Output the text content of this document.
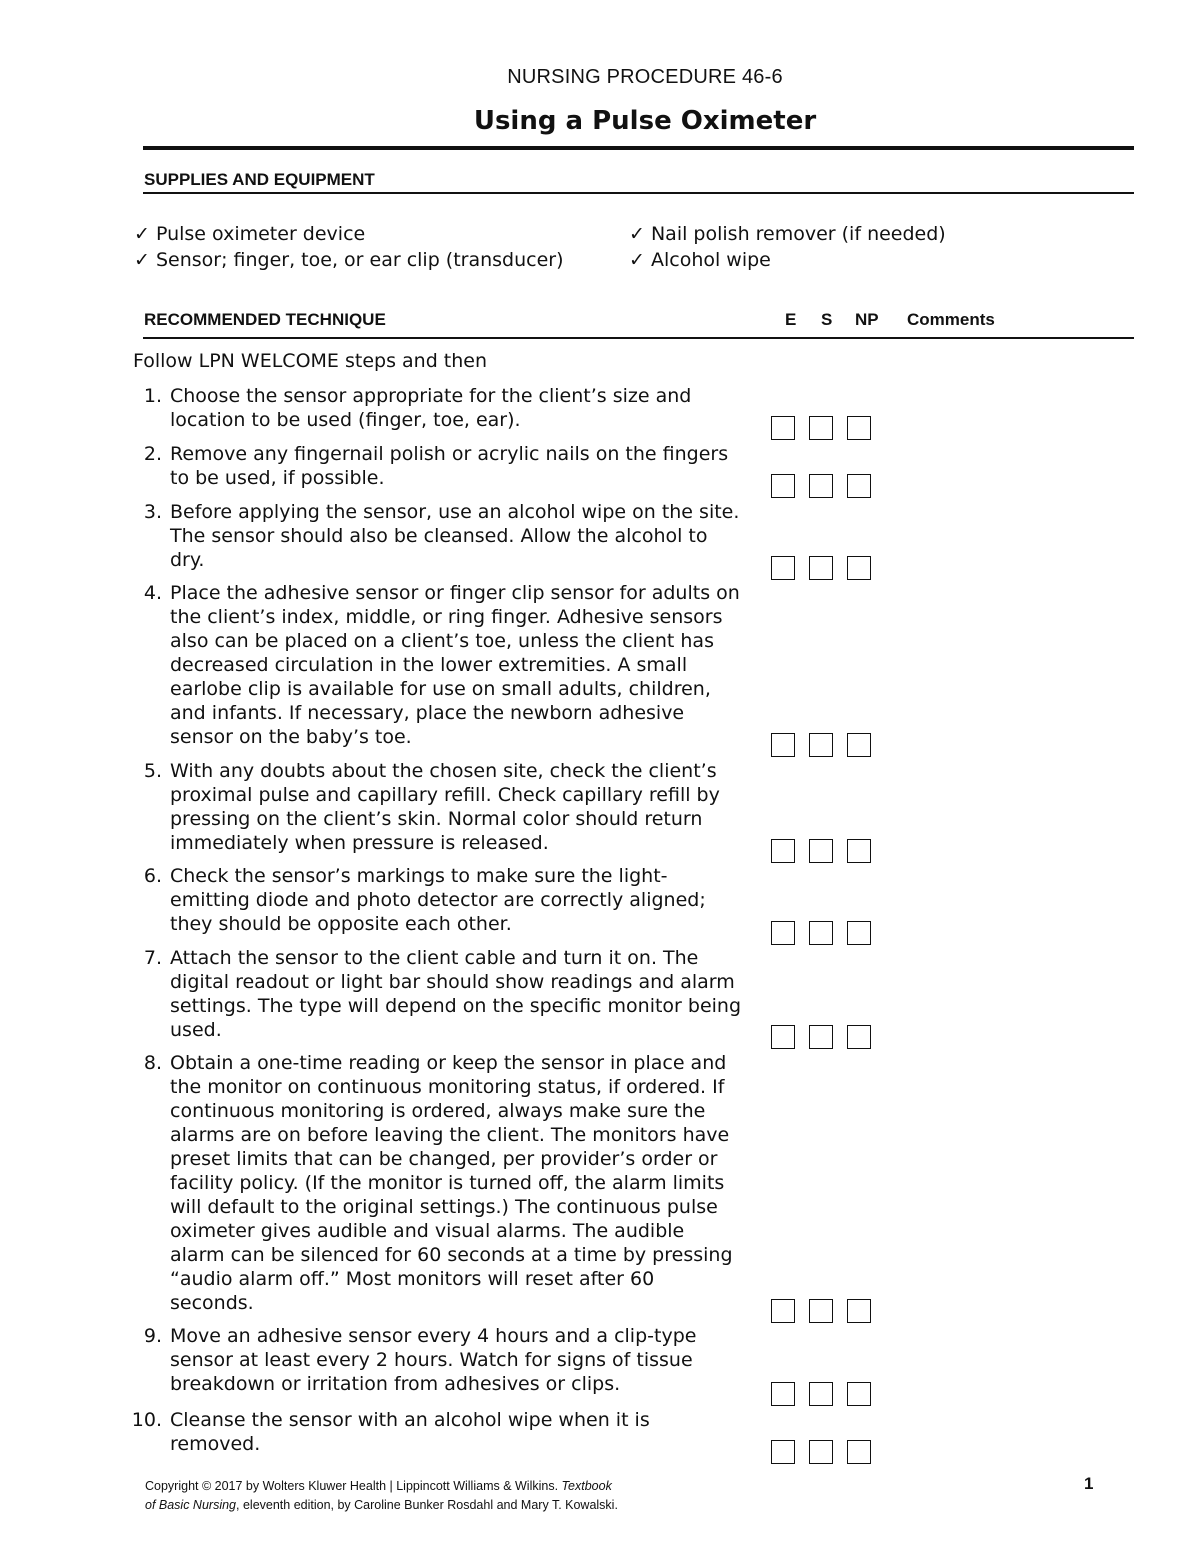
NURSING PROCEDURE 46-6
Using a Pulse Oximeter
SUPPLIES AND EQUIPMENT
✓ Pulse oximeter device
✓ Sensor; finger, toe, or ear clip (transducer)
✓ Nail polish remover (if needed)
✓ Alcohol wipe
RECOMMENDED TECHNIQUE	E S NP Comments
Follow LPN WELCOME steps and then
1. Choose the sensor appropriate for the client’s size and
location to be used (finger, toe, ear).
2. Remove any fingernail polish or acrylic nails on the fingers
to be used, if possible.
3. Before applying the sensor, use an alcohol wipe on the site.
The sensor should also be cleansed. Allow the alcohol to
dry.
4. Place the adhesive sensor or finger clip sensor for adults on
the client’s index, middle, or ring finger. Adhesive sensors
also can be placed on a client’s toe, unless the client has
decreased circulation in the lower extremities. A small
earlobe clip is available for use on small adults, children,
and infants. If necessary, place the newborn adhesive
sensor on the baby’s toe.
5. With any doubts about the chosen site, check the client’s
proximal pulse and capillary refill. Check capillary refill by
pressing on the client’s skin. Normal color should return
immediately when pressure is released.
6. Check the sensor’s markings to make sure the light-
emitting diode and photo detector are correctly aligned;
they should be opposite each other.
7. Attach the sensor to the client cable and turn it on. The
digital readout or light bar should show readings and alarm
settings. The type will depend on the specific monitor being
used.
8. Obtain a one-time reading or keep the sensor in place and
the monitor on continuous monitoring status, if ordered. If
continuous monitoring is ordered, always make sure the
alarms are on before leaving the client. The monitors have
preset limits that can be changed, per provider’s order or
facility policy. (If the monitor is turned off, the alarm limits
will default to the original settings.) The continuous pulse
oximeter gives audible and visual alarms. The audible
alarm can be silenced for 60 seconds at a time by pressing
“audio alarm off.” Most monitors will reset after 60
seconds.
9. Move an adhesive sensor every 4 hours and a clip-type
sensor at least every 2 hours. Watch for signs of tissue
breakdown or irritation from adhesives or clips.
10. Cleanse the sensor with an alcohol wipe when it is
removed.
Copyright © 2017 by Wolters Kluwer Health | Lippincott Williams & Wilkins. Textbook
of Basic Nursing, eleventh edition, by Caroline Bunker Rosdahl and Mary T. Kowalski.
1
